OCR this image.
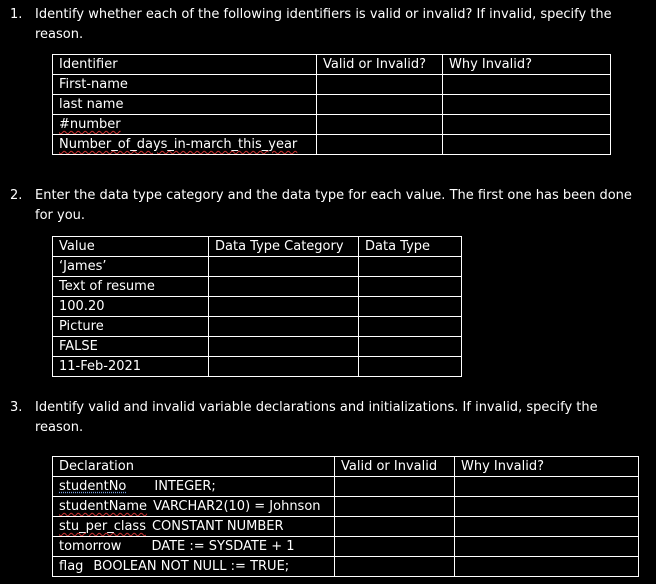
1. Identify whether each of the following identifiers is valid or invalid? If invalid, specify the
reason.
Identifier	Valid or Invalid?	Why Invalid?
First-name		
last name		
#number		
Number_of_days_in-march_this_year		
2. Enter the data type category and the data type for each value. The first one has been done
for you.
Value	Data Type Category	Data Type
‘James’		
Text of resume		
100.20		
Picture		
FALSE		
11-Feb-2021		
3. Identify valid and invalid variable declarations and initializations. If invalid, specify the
reason.
Declaration	Valid or Invalid	Why Invalid?
studentNo INTEGER;		
studentName VARCHAR2(10) = Johnson		
stu_per_class CONSTANT NUMBER		
tomorrow DATE := SYSDATE + 1		
flag BOOLEAN NOT NULL := TRUE;		
